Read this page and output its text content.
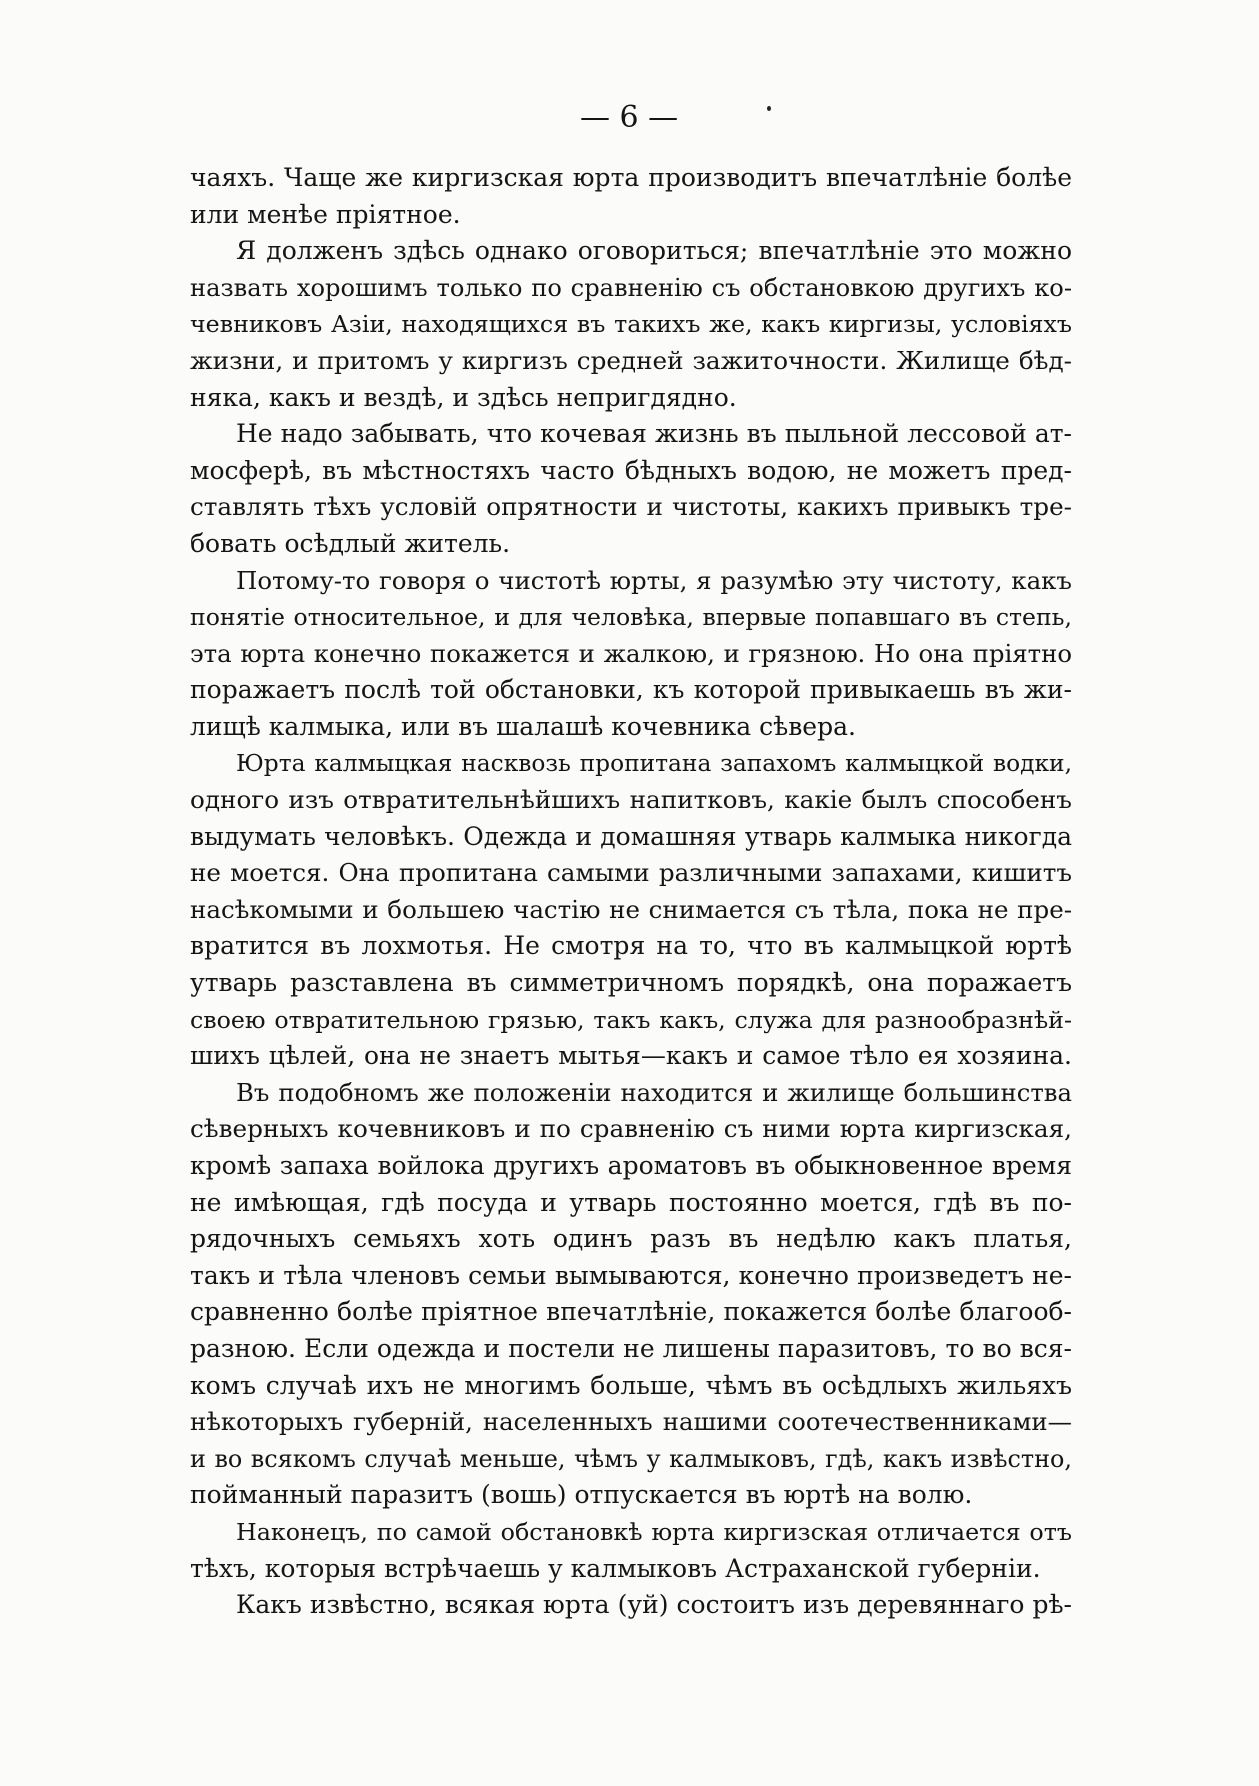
— 6 —
чаяхъ. Чаще же киргизская юрта производитъ впечатлѣніе болѣе
или менѣе пріятное.
Я долженъ здѣсь однако оговориться; впечатлѣніе это можно
назвать хорошимъ только по сравненію съ обстановкою другихъ ко-
чевниковъ Азіи, находящихся въ такихъ же, какъ киргизы, условіяхъ
жизни, и притомъ у киргизъ средней зажиточности. Жилище бѣд-
няка, какъ и вездѣ, и здѣсь непригдядно.
Не надо забывать, что кочевая жизнь въ пыльной лессовой ат-
мосферѣ, въ мѣстностяхъ часто бѣдныхъ водою, не можетъ пред-
ставлять тѣхъ условій опрятности и чистоты, какихъ привыкъ тре-
бовать осѣдлый житель.
Потому-то говоря о чистотѣ юрты, я разумѣю эту чистоту, какъ
понятіе относительное, и для человѣка, впервые попавшаго въ степь,
эта юрта конечно покажется и жалкою, и грязною. Но она пріятно
поражаетъ послѣ той обстановки, къ которой привыкаешь въ жи-
лищѣ калмыка, или въ шалашѣ кочевника сѣвера.
Юрта калмыцкая насквозь пропитана запахомъ калмыцкой водки,
одного изъ отвратительнѣйшихъ напитковъ, какіе былъ способенъ
выдумать человѣкъ. Одежда и домашняя утварь калмыка никогда
не моется. Она пропитана самыми различными запахами, кишитъ
насѣкомыми и большею частію не снимается съ тѣла, пока не пре-
вратится въ лохмотья. Не смотря на то, что въ калмыцкой юртѣ
утварь разставлена въ симметричномъ порядкѣ, она поражаетъ
своею отвратительною грязью, такъ какъ, служа для разнообразнѣй-
шихъ цѣлей, она не знаетъ мытья—какъ и самое тѣло ея хозяина.
Въ подобномъ же положеніи находится и жилище большинства
сѣверныхъ кочевниковъ и по сравненію съ ними юрта киргизская,
кромѣ запаха войлока другихъ ароматовъ въ обыкновенное время
не имѣющая, гдѣ посуда и утварь постоянно моется, гдѣ въ по-
рядочныхъ семьяхъ хоть одинъ разъ въ недѣлю какъ платья,
такъ и тѣла членовъ семьи вымываются, конечно произведетъ не-
сравненно болѣе пріятное впечатлѣніе, покажется болѣе благооб-
разною. Если одежда и постели не лишены паразитовъ, то во вся-
комъ случаѣ ихъ не многимъ больше, чѣмъ въ осѣдлыхъ жильяхъ
нѣкоторыхъ губерній, населенныхъ нашими соотечественниками—
и во всякомъ случаѣ меньше, чѣмъ у калмыковъ, гдѣ, какъ извѣстно,
пойманный паразитъ (вошь) отпускается въ юртѣ на волю.
Наконецъ, по самой обстановкѣ юрта киргизская отличается отъ
тѣхъ, которыя встрѣчаешь у калмыковъ Астраханской губерніи.
Какъ извѣстно, всякая юрта (уй) состоитъ изъ деревяннаго рѣ-
